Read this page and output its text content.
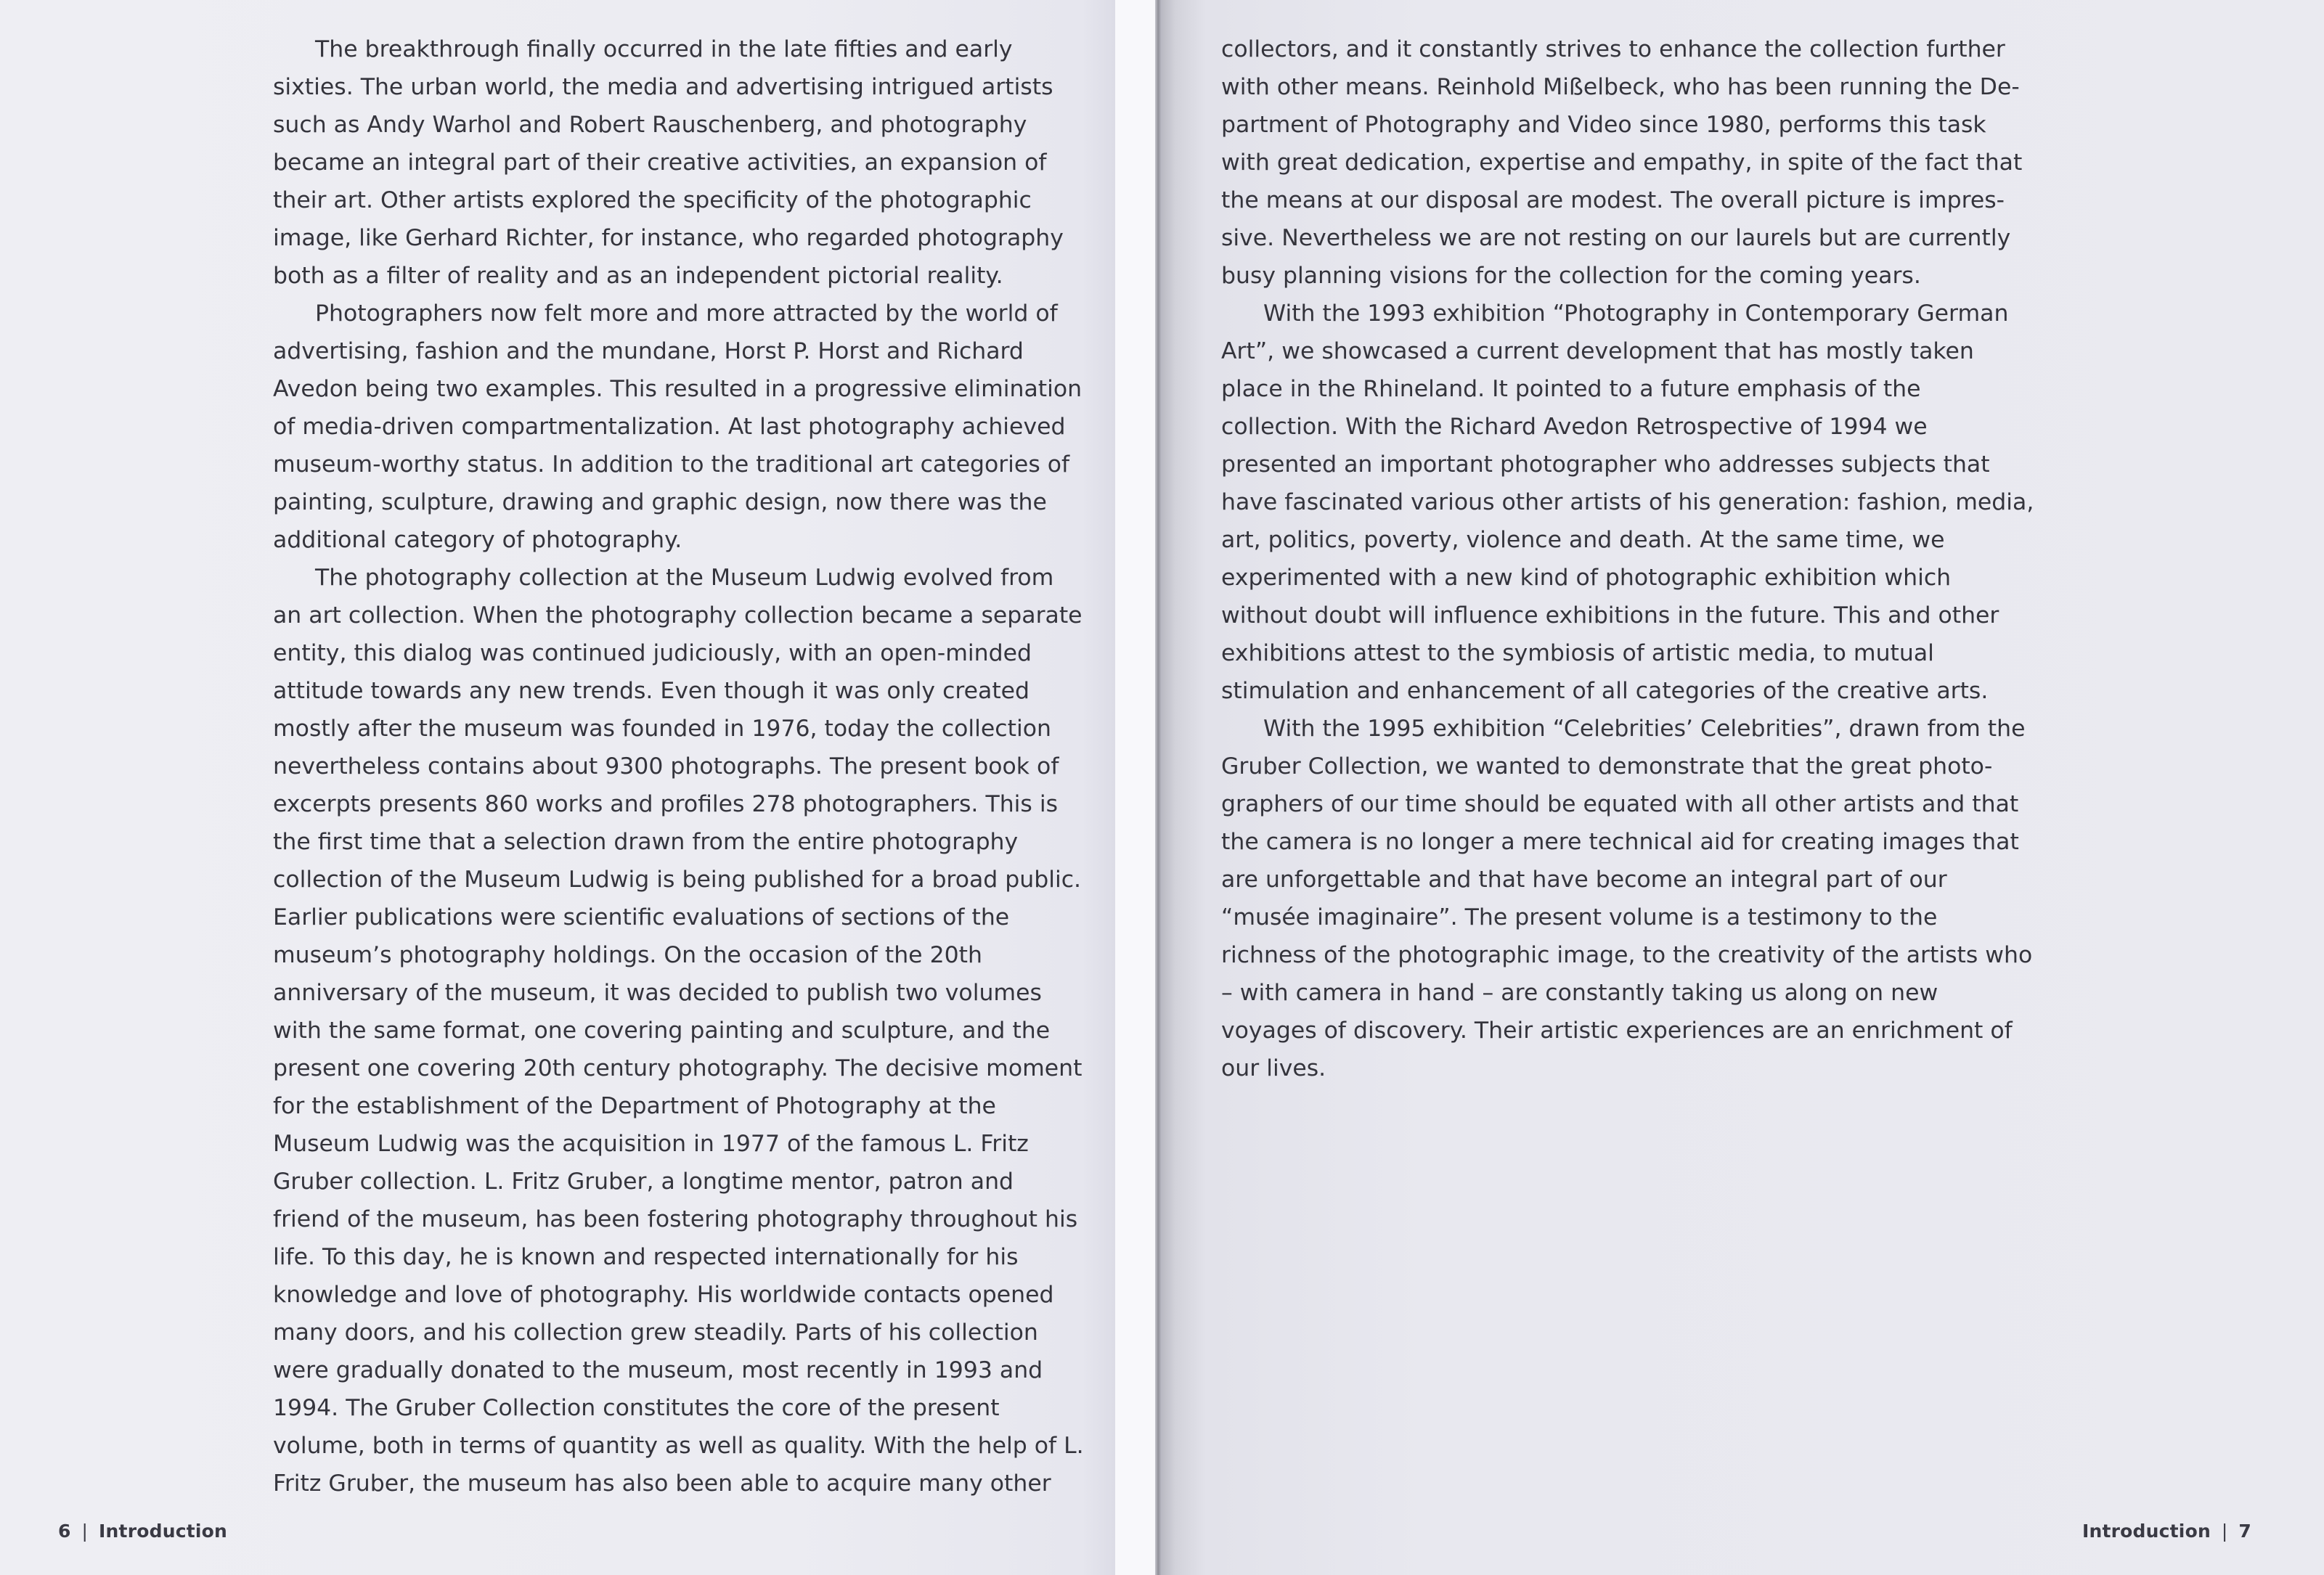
6 | Introduction	Introduction | 7

The breakthrough finally occurred in the late fifties and early sixties. The urban world, the media and advertising intrigued artists such as Andy Warhol and Robert Rauschenberg, and photography became an integral part of their creative activities, an expansion of their art. Other artists explored the specificity of the photographic image, like Gerhard Richter, for instance, who regarded photography both as a filter of reality and as an independent pictorial reality.

Photographers now felt more and more attracted by the world of advertising, fashion and the mundane, Horst P. Horst and Richard Avedon being two examples. This resulted in a progressive elimination of media-driven compartmentalization. At last photography achieved museum-worthy status. In addition to the traditional art categories of painting, sculpture, drawing and graphic design, now there was the additional category of photography.

The photography collection at the Museum Ludwig evolved from an art collection. When the photography collection became a separate entity, this dialog was continued judiciously, with an open-minded attitude towards any new trends. Even though it was only created mostly after the museum was founded in 1976, today the collection nevertheless contains about 9300 photographs. The present book of excerpts presents 860 works and profiles 278 photographers. This is the first time that a selection drawn from the entire photography collection of the Museum Ludwig is being published for a broad public. Earlier publications were scientific evaluations of sections of the museum’s photography holdings. On the occasion of the 20th anniversary of the museum, it was decided to publish two volumes with the same format, one covering painting and sculpture, and the present one covering 20th century photography. The decisive moment for the establishment of the Department of Photography at the Museum Ludwig was the acquisition in 1977 of the famous L. Fritz Gruber collection. L. Fritz Gruber, a longtime mentor, patron and friend of the museum, has been fostering photography throughout his life. To this day, he is known and respected internationally for his knowledge and love of photography. His worldwide contacts opened many doors, and his collection grew steadily. Parts of his collection were gradually donated to the museum, most recently in 1993 and 1994. The Gruber Collection constitutes the core of the present volume, both in terms of quantity as well as quality. With the help of L. Fritz Gruber, the museum has also been able to acquire many other

collectors, and it constantly strives to enhance the collection further with other means. Reinhold Mißelbeck, who has been running the Department of Photography and Video since 1980, performs this task with great dedication, expertise and empathy, in spite of the fact that the means at our disposal are modest. The overall picture is impressive. Nevertheless we are not resting on our laurels but are currently busy planning visions for the collection for the coming years.

With the 1993 exhibition “Photography in Contemporary German Art”, we showcased a current development that has mostly taken place in the Rhineland. It pointed to a future emphasis of the collection. With the Richard Avedon Retrospective of 1994 we presented an important photographer who addresses subjects that have fascinated various other artists of his generation: fashion, media, art, politics, poverty, violence and death. At the same time, we experimented with a new kind of photographic exhibition which without doubt will influence exhibitions in the future. This and other exhibitions attest to the symbiosis of artistic media, to mutual stimulation and enhancement of all categories of the creative arts.

With the 1995 exhibition “Celebrities’ Celebrities”, drawn from the Gruber Collection, we wanted to demonstrate that the great photographers of our time should be equated with all other artists and that the camera is no longer a mere technical aid for creating images that are unforgettable and that have become an integral part of our “musée imaginaire”. The present volume is a testimony to the richness of the photographic image, to the creativity of the artists who – with camera in hand – are constantly taking us along on new voyages of discovery. Their artistic experiences are an enrichment of our lives.
